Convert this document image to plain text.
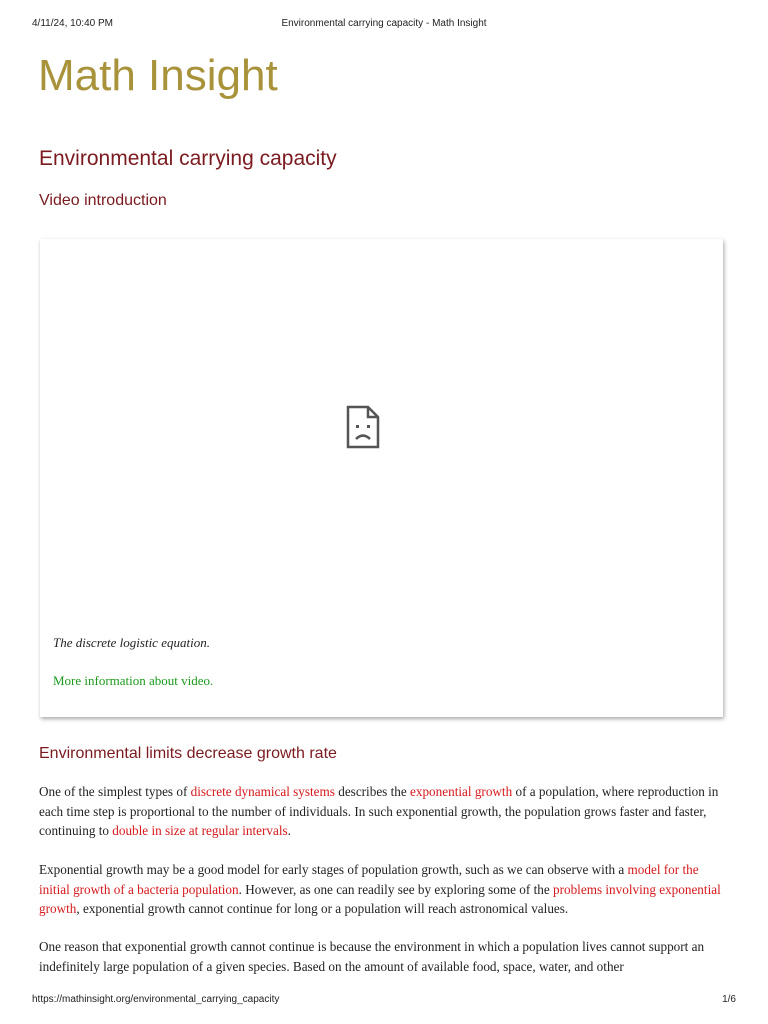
4/11/24, 10:40 PM	Environmental carrying capacity - Math Insight
Math Insight
Environmental carrying capacity
Video introduction

The discrete logistic equation.

More information about video.
Environmental limits decrease growth rate

One of the simplest types of discrete dynamical systems describes the exponential growth of a population, where reproduction in each time step is proportional to the number of individuals. In such exponential growth, the population grows faster and faster, continuing to double in size at regular intervals.

Exponential growth may be a good model for early stages of population growth, such as we can observe with a model for the initial growth of a bacteria population. However, as one can readily see by exploring some of the problems involving exponential growth, exponential growth cannot continue for long or a population will reach astronomical values.

One reason that exponential growth cannot continue is because the environment in which a population lives cannot support an indefinitely large population of a given species. Based on the amount of available food, space, water, and other

https://mathinsight.org/environmental_carrying_capacity	1/6
